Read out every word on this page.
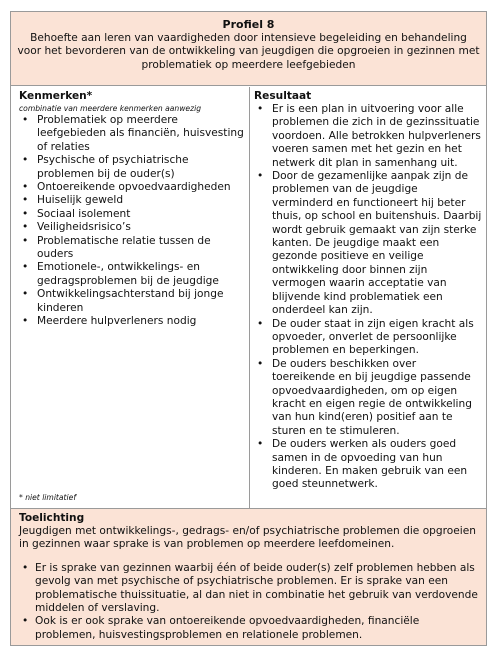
Profiel 8
Behoefte aan leren van vaardigheden door intensieve begeleiding en behandeling voor het bevorderen van de ontwikkeling van jeugdigen die opgroeien in gezinnen met problematiek op meerdere leefgebieden
Kenmerken*
combinatie van meerdere kenmerken aanwezig
• Problematiek op meerdere leefgebieden als financiën, huisvesting of relaties
• Psychische of psychiatrische problemen bij de ouder(s)
• Ontoereikende opvoedvaardigheden
• Huiselijk geweld
• Sociaal isolement
• Veiligheidsrisico’s
• Problematische relatie tussen de ouders
• Emotionele-, ontwikkelings- en gedragsproblemen bij de jeugdige
• Ontwikkelingsachterstand bij jonge kinderen
• Meerdere hulpverleners nodig
* niet limitatief
Resultaat
• Er is een plan in uitvoering voor alle problemen die zich in de gezinssituatie voordoen. Alle betrokken hulpverleners voeren samen met het gezin en het netwerk dit plan in samenhang uit.
• Door de gezamenlijke aanpak zijn de problemen van de jeugdige verminderd en functioneert hij beter thuis, op school en buitenshuis. Daarbij wordt gebruik gemaakt van zijn sterke kanten. De jeugdige maakt een gezonde positieve en veilige ontwikkeling door binnen zijn vermogen waarin acceptatie van blijvende kind problematiek een onderdeel kan zijn.
• De ouder staat in zijn eigen kracht als opvoeder, onverlet de persoonlijke problemen en beperkingen.
• De ouders beschikken over toereikende en bij jeugdige passende opvoedvaardigheden, om op eigen kracht en eigen regie de ontwikkeling van hun kind(eren) positief aan te sturen en te stimuleren.
• De ouders werken als ouders goed samen in de opvoeding van hun kinderen. En maken gebruik van een goed steunnetwerk.
Toelichting
Jeugdigen met ontwikkelings-, gedrags- en/of psychiatrische problemen die opgroeien in gezinnen waar sprake is van problemen op meerdere leefdomeinen.
• Er is sprake van gezinnen waarbij één of beide ouder(s) zelf problemen hebben als gevolg van met psychische of psychiatrische problemen. Er is sprake van een problematische thuissituatie, al dan niet in combinatie het gebruik van verdovende middelen of verslaving.
• Ook is er ook sprake van ontoereikende opvoedvaardigheden, financiële problemen, huisvestingsproblemen en relationele problemen.
